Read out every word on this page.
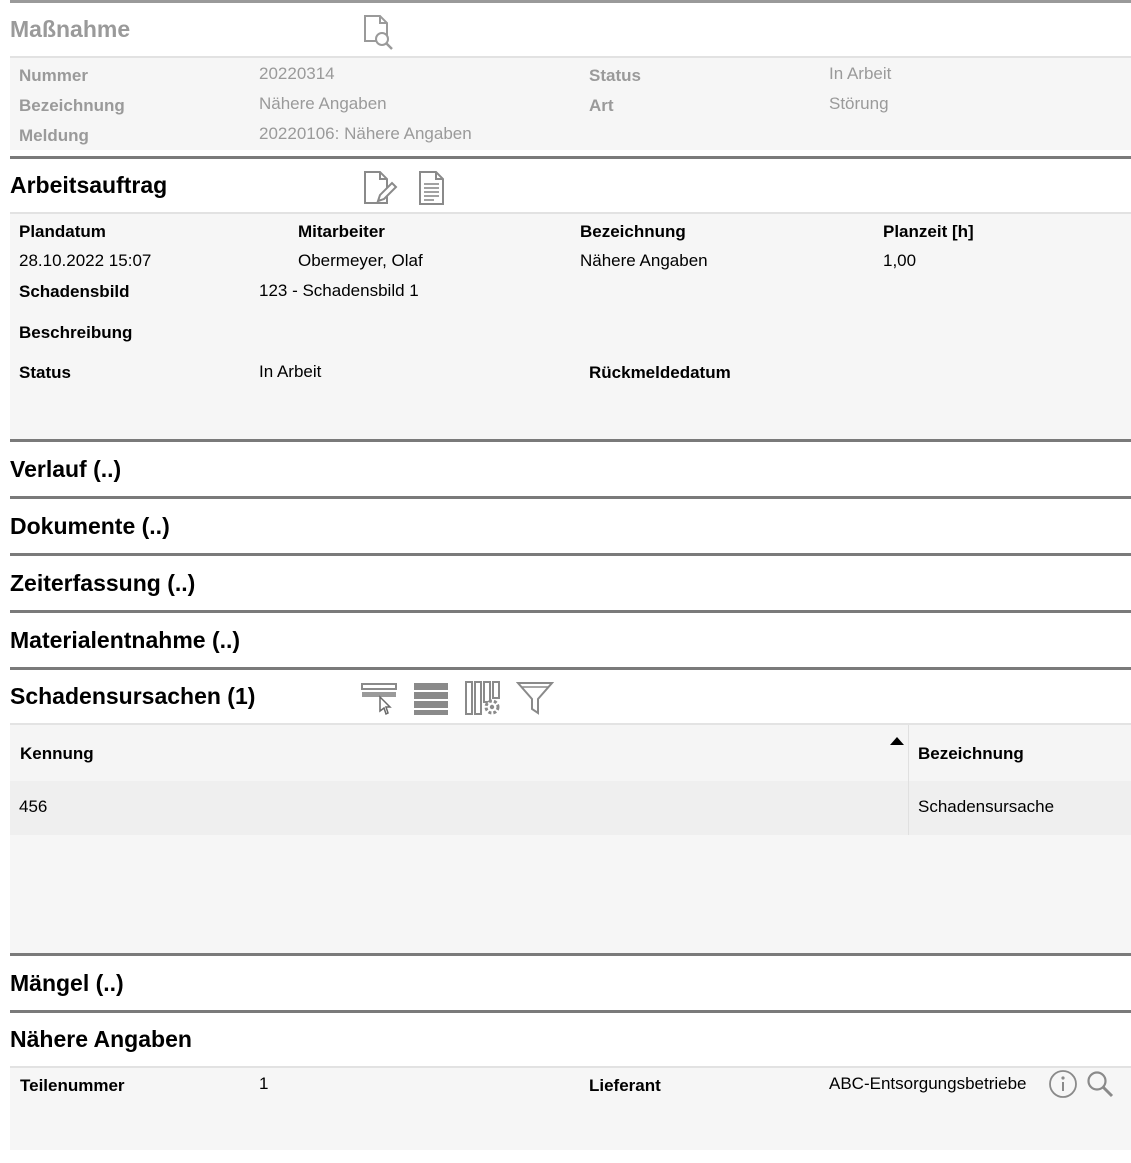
Maßnahme
Nummer	20220314	Status	In Arbeit
Bezeichnung	Nähere Angaben	Art	Störung
Meldung	20220106: Nähere Angaben
Arbeitsauftrag
Plandatum	Mitarbeiter	Bezeichnung	Planzeit [h]
28.10.2022 15:07	Obermeyer, Olaf	Nähere Angaben	1,00
Schadensbild	123 - Schadensbild 1
Beschreibung
Status	In Arbeit	Rückmeldedatum
Verlauf (..)
Dokumente (..)
Zeiterfassung (..)
Materialentnahme (..)
Schadensursachen (1)
Kennung	Bezeichnung
456	Schadensursache
Mängel (..)
Nähere Angaben
Teilenummer	1	Lieferant	ABC-Entsorgungsbetriebe
